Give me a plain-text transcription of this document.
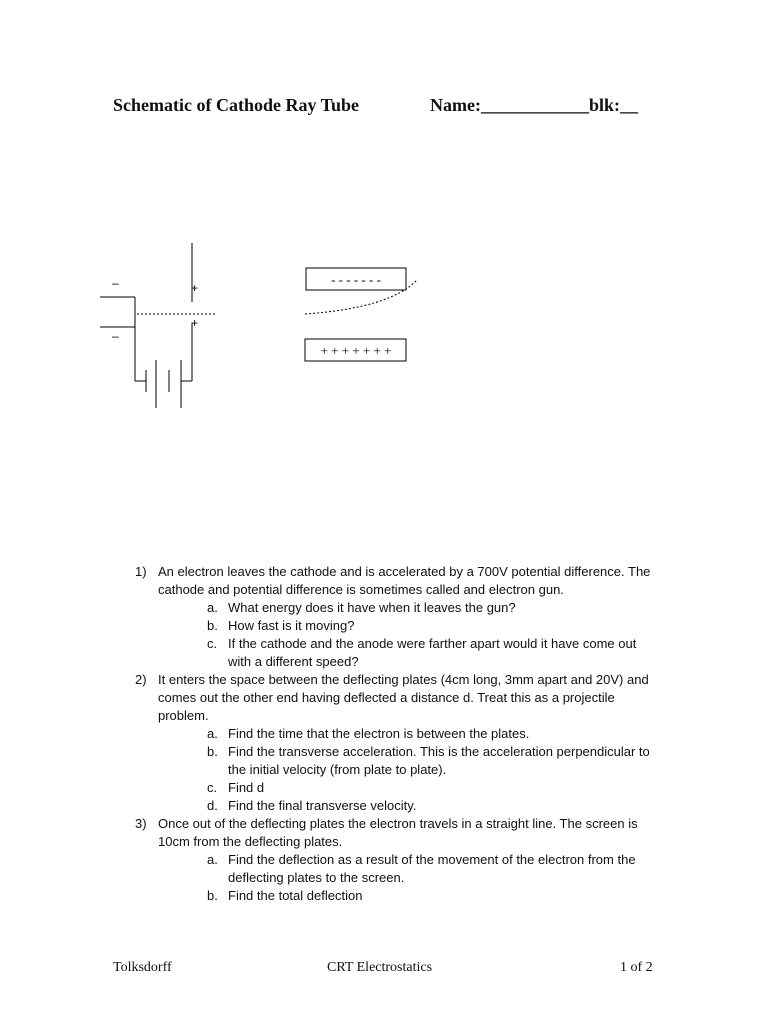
Schematic of Cathode Ray Tube	Name:____________blk:__
- - - - - - -
+ + + + + + +
–
–
+
+
1) An electron leaves the cathode and is accelerated by a 700V potential difference. The cathode and potential difference is sometimes called and electron gun.
a. What energy does it have when it leaves the gun?
b. How fast is it moving?
c. If the cathode and the anode were farther apart would it have come out with a different speed?
2) It enters the space between the deflecting plates (4cm long, 3mm apart and 20V) and comes out the other end having deflected a distance d. Treat this as a projectile problem.
a. Find the time that the electron is between the plates.
b. Find the transverse acceleration. This is the acceleration perpendicular to the initial velocity (from plate to plate).
c. Find d
d. Find the final transverse velocity.
3) Once out of the deflecting plates the electron travels in a straight line. The screen is 10cm from the deflecting plates.
a. Find the deflection as a result of the movement of the electron from the deflecting plates to the screen.
b. Find the total deflection
Tolksdorff	CRT Electrostatics	1 of 2
